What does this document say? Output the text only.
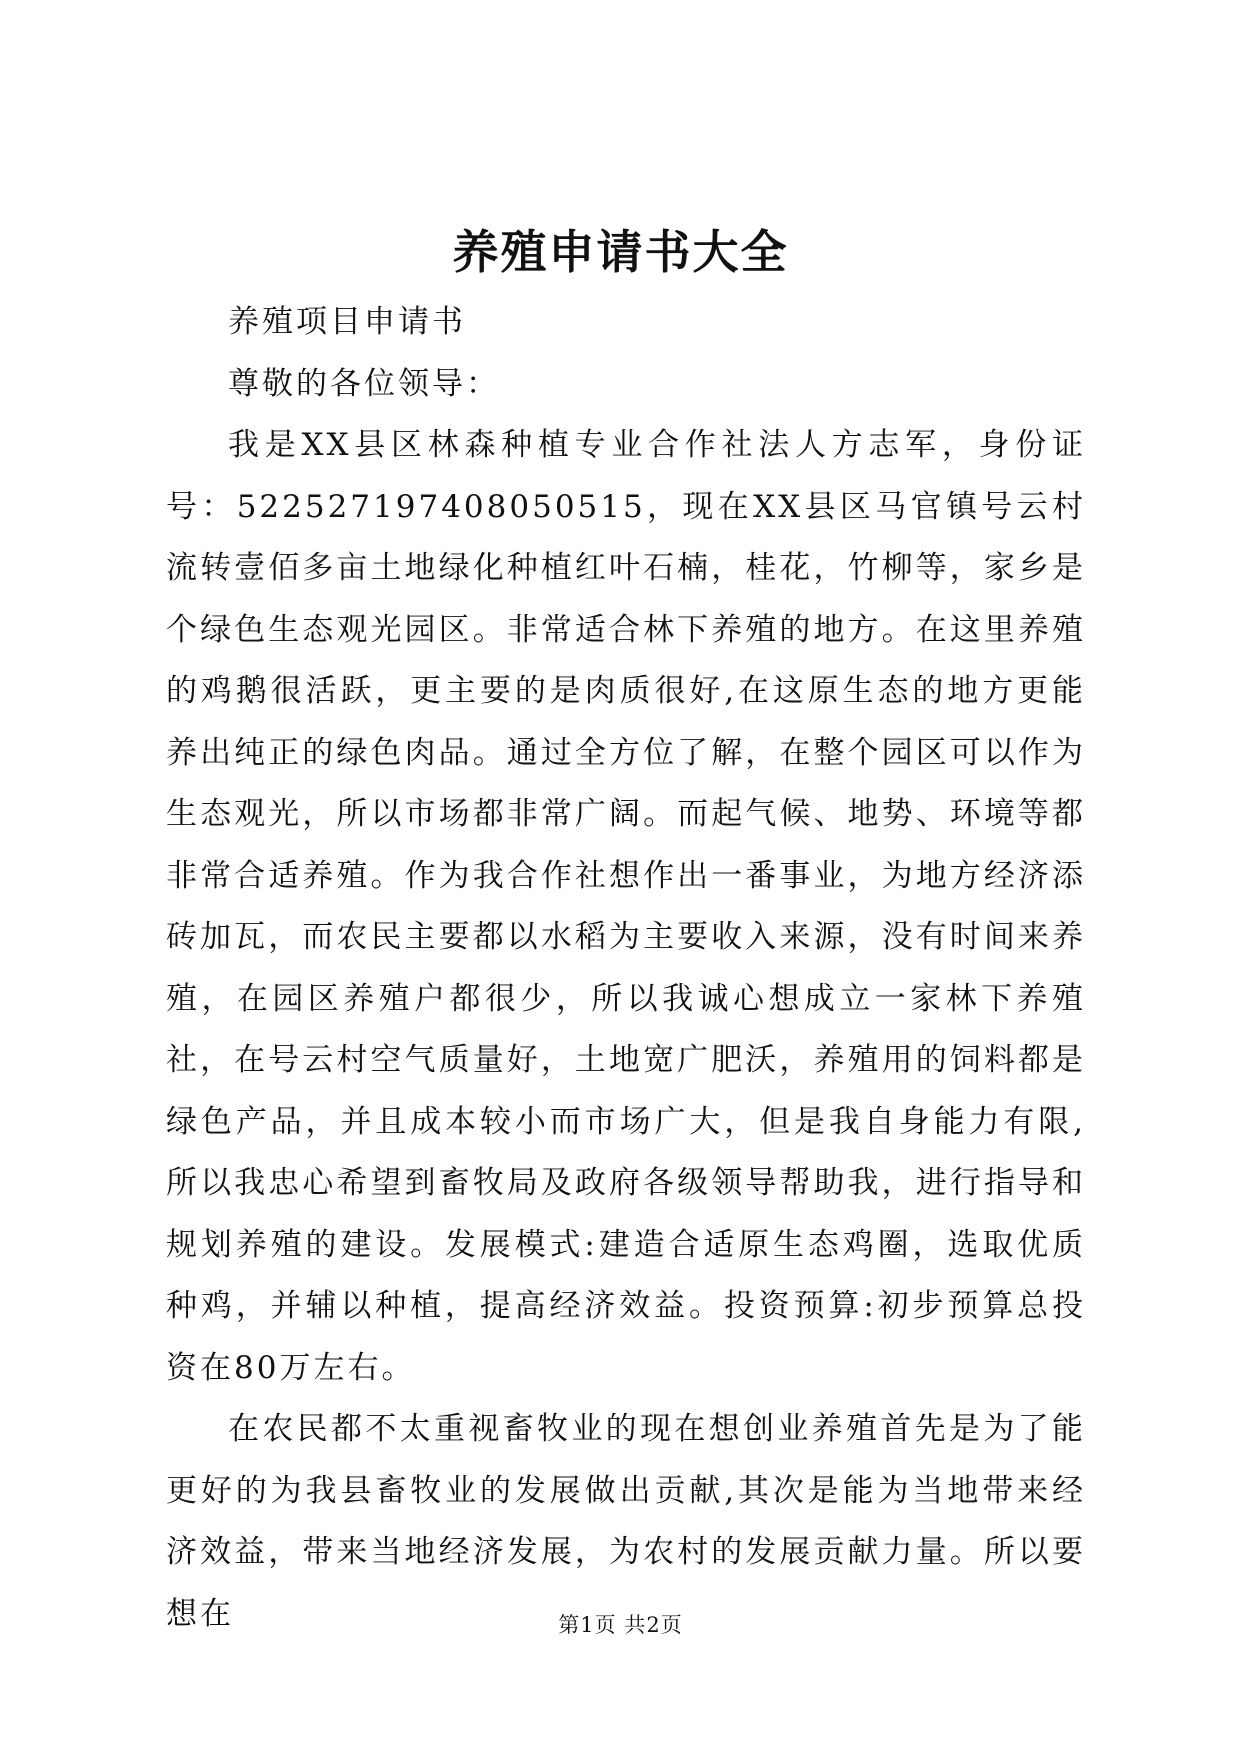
养殖申请书大全

养殖项目申请书

尊敬的各位领导：

我是XX县区林森种植专业合作社法人方志军，身份证号：522527197408050515，现在XX县区马官镇号云村流转壹佰多亩土地绿化种植红叶石楠，桂花，竹柳等，家乡是个绿色生态观光园区。非常适合林下养殖的地方。在这里养殖的鸡鹅很活跃，更主要的是肉质很好,在这原生态的地方更能养出纯正的绿色肉品。通过全方位了解，在整个园区可以作为生态观光，所以市场都非常广阔。而起气候、地势、环境等都非常合适养殖。作为我合作社想作出一番事业，为地方经济添砖加瓦，而农民主要都以水稻为主要收入来源，没有时间来养殖，在园区养殖户都很少，所以我诚心想成立一家林下养殖社，在号云村空气质量好，土地宽广肥沃，养殖用的饲料都是绿色产品，并且成本较小而市场广大，但是我自身能力有限,所以我忠心希望到畜牧局及政府各级领导帮助我，进行指导和规划养殖的建设。发展模式:建造合适原生态鸡圈，选取优质种鸡，并辅以种植，提高经济效益。投资预算:初步预算总投资在80万左右。

在农民都不太重视畜牧业的现在想创业养殖首先是为了能更好的为我县畜牧业的发展做出贡献,其次是能为当地带来经济效益，带来当地经济发展，为农村的发展贡献力量。所以要想在	第1页 共2页
